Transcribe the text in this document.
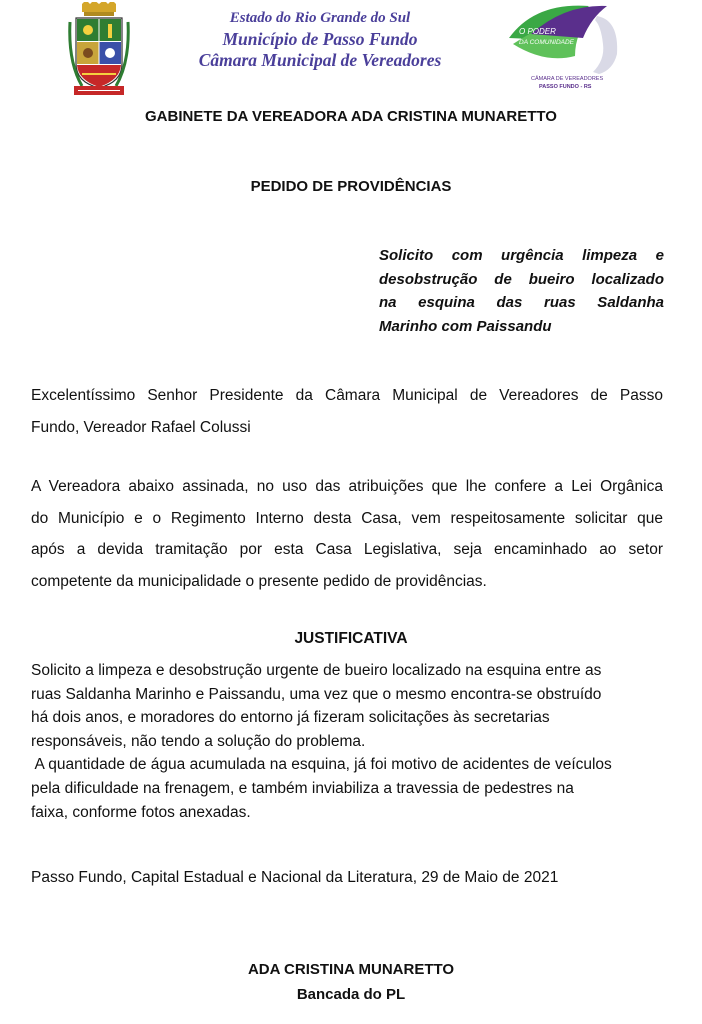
Estado do Rio Grande do Sul
Município de Passo Fundo
Câmara Municipal de Vereadores
O PODER
DA COMUNIDADE
CÂMARA DE VEREADORES
PASSO FUNDO - RS
GABINETE DA VEREADORA ADA CRISTINA MUNARETTO
PEDIDO DE PROVIDÊNCIAS
Solicito com urgência limpeza e
desobstrução de bueiro localizado
na esquina das ruas Saldanha
Marinho com Paissandu
Excelentíssimo Senhor Presidente da Câmara Municipal de Vereadores de Passo
Fundo, Vereador Rafael Colussi
A Vereadora abaixo assinada, no uso das atribuições que lhe confere a Lei Orgânica
do Município e o Regimento Interno desta Casa, vem respeitosamente solicitar que
após a devida tramitação por esta Casa Legislativa, seja encaminhado ao setor
competente da municipalidade o presente pedido de providências.
JUSTIFICATIVA
Solicito a limpeza e desobstrução urgente de bueiro localizado na esquina entre as
ruas Saldanha Marinho e Paissandu, uma vez que o mesmo encontra-se obstruído
há dois anos, e moradores do entorno já fizeram solicitações às secretarias
responsáveis, não tendo a solução do problema.
A quantidade de água acumulada na esquina, já foi motivo de acidentes de veículos
pela dificuldade na frenagem, e também inviabiliza a travessia de pedestres na
faixa, conforme fotos anexadas.
Passo Fundo, Capital Estadual e Nacional da Literatura, 29 de Maio de 2021
ADA CRISTINA MUNARETTO
Bancada do PL
